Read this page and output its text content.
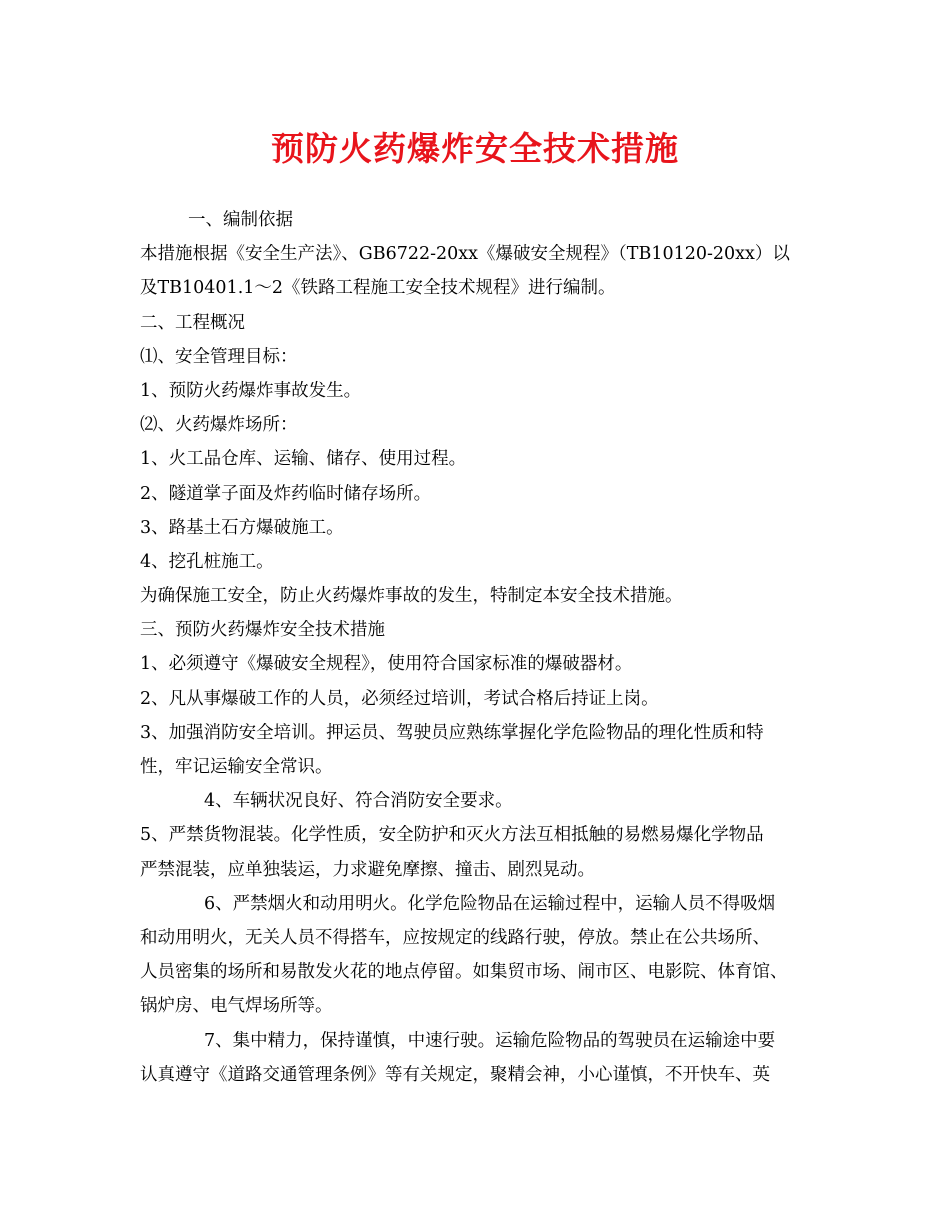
预防火药爆炸安全技术措施
一、编制依据
本措施根据《安全生产法》、GB6722-20xx《爆破安全规程》（TB10120-20xx）以
及TB10401.1～2《铁路工程施工安全技术规程》进行编制。
二、工程概况
⑴、安全管理目标：
1、预防火药爆炸事故发生。
⑵、火药爆炸场所：
1、火工品仓库、运输、储存、使用过程。
2、隧道掌子面及炸药临时储存场所。
3、路基土石方爆破施工。
4、挖孔桩施工。
为确保施工安全，防止火药爆炸事故的发生，特制定本安全技术措施。
三、预防火药爆炸安全技术措施
1、必须遵守《爆破安全规程》，使用符合国家标准的爆破器材。
2、凡从事爆破工作的人员，必须经过培训，考试合格后持证上岗。
3、加强消防安全培训。押运员、驾驶员应熟练掌握化学危险物品的理化性质和特
性，牢记运输安全常识。
4、车辆状况良好、符合消防安全要求。
5、严禁货物混装。化学性质，安全防护和灭火方法互相抵触的易燃易爆化学物品
严禁混装，应单独装运，力求避免摩擦、撞击、剧烈晃动。
6、严禁烟火和动用明火。化学危险物品在运输过程中，运输人员不得吸烟
和动用明火，无关人员不得搭车，应按规定的线路行驶，停放。禁止在公共场所、
人员密集的场所和易散发火花的地点停留。如集贸市场、闹市区、电影院、体育馆、
锅炉房、电气焊场所等。
7、集中精力，保持谨慎，中速行驶。运输危险物品的驾驶员在运输途中要
认真遵守《道路交通管理条例》等有关规定，聚精会神，小心谨慎，不开快车、英
